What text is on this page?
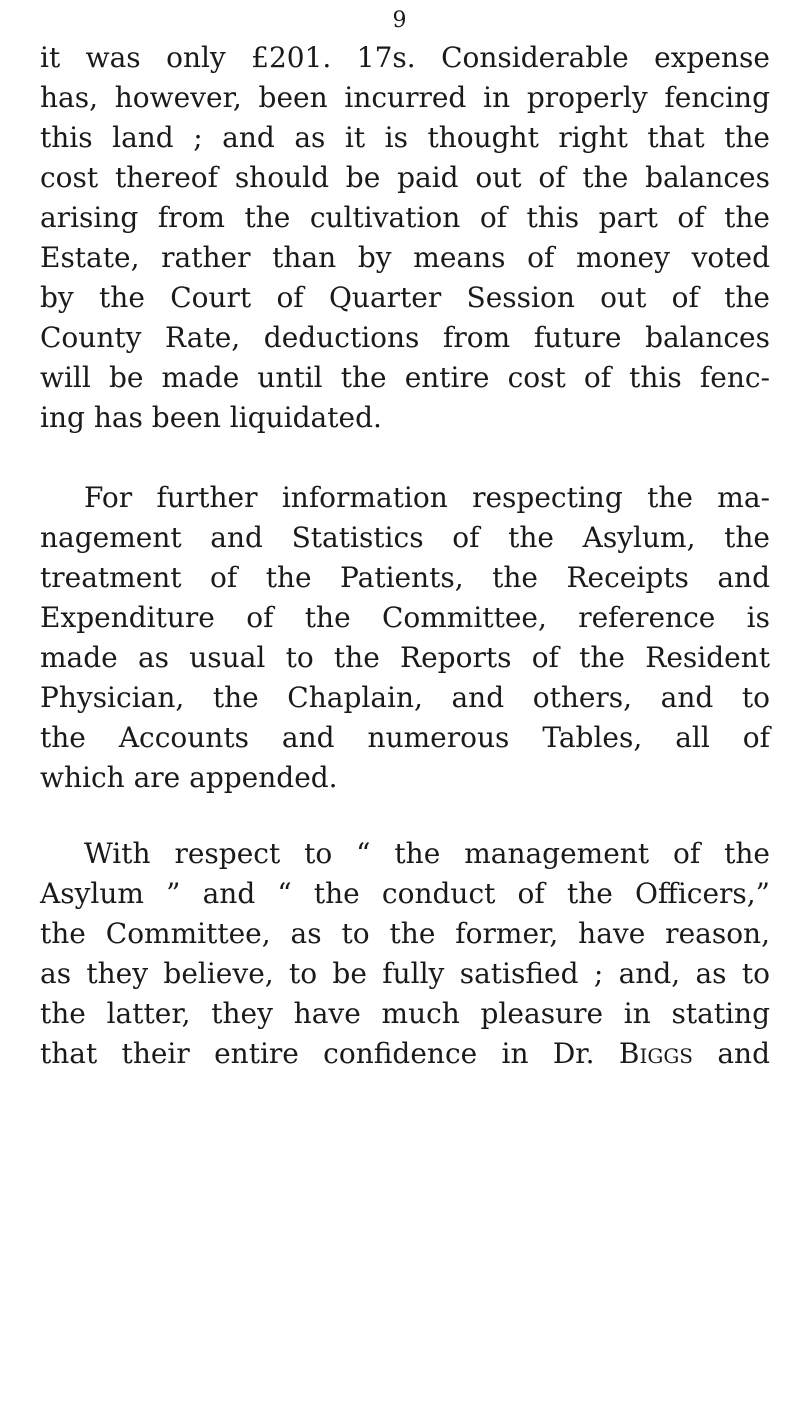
9
it was only £201. 17s. Considerable expense
has, however, been incurred in properly fencing
this land ; and as it is thought right that the
cost thereof should be paid out of the balances
arising from the cultivation of this part of the
Estate, rather than by means of money voted
by the Court of Quarter Session out of the
County Rate, deductions from future balances
will be made until the entire cost of this fenc-
ing has been liquidated.
For further information respecting the ma-
nagement and Statistics of the Asylum, the
treatment of the Patients, the Receipts and
Expenditure of the Committee, reference is
made as usual to the Reports of the Resident
Physician, the Chaplain, and others, and to
the Accounts and numerous Tables, all of
which are appended.
With respect to “ the management of the
Asylum ” and “ the conduct of the Officers,”
the Committee, as to the former, have reason,
as they believe, to be fully satisfied ; and, as to
the latter, they have much pleasure in stating
that their entire confidence in Dr. Biggs and
